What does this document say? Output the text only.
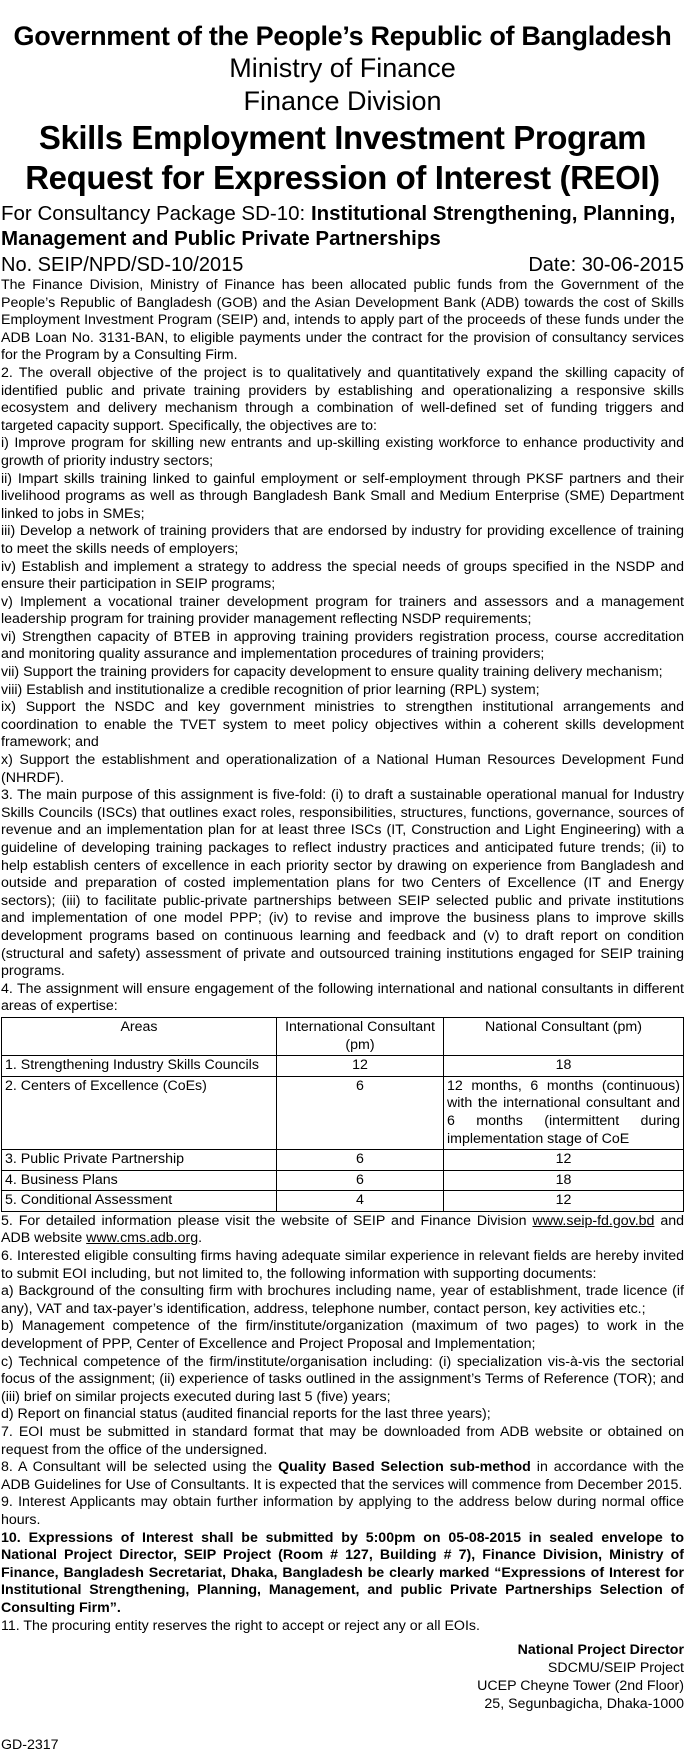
Government of the People’s Republic of Bangladesh
Ministry of Finance
Finance Division
Skills Employment Investment Program
Request for Expression of Interest (REOI)
For Consultancy Package SD-10: Institutional Strengthening, Planning, Management and Public Private Partnerships
No. SEIP/NPD/SD-10/2015	Date: 30-06-2015

The Finance Division, Ministry of Finance has been allocated public funds from the Government of the People’s Republic of Bangladesh (GOB) and the Asian Development Bank (ADB) towards the cost of Skills Employment Investment Program (SEIP) and, intends to apply part of the proceeds of these funds under the ADB Loan No. 3131-BAN, to eligible payments under the contract for the provision of consultancy services for the Program by a Consulting Firm.

2. The overall objective of the project is to qualitatively and quantitatively expand the skilling capacity of identified public and private training providers by establishing and operationalizing a responsive skills ecosystem and delivery mechanism through a combination of well-defined set of funding triggers and targeted capacity support. Specifically, the objectives are to:

i) Improve program for skilling new entrants and up-skilling existing workforce to enhance productivity and growth of priority industry sectors;

ii) Impart skills training linked to gainful employment or self-employment through PKSF partners and their livelihood programs as well as through Bangladesh Bank Small and Medium Enterprise (SME) Department linked to jobs in SMEs;

iii) Develop a network of training providers that are endorsed by industry for providing excellence of training to meet the skills needs of employers;

iv) Establish and implement a strategy to address the special needs of groups specified in the NSDP and ensure their participation in SEIP programs;

v) Implement a vocational trainer development program for trainers and assessors and a management leadership program for training provider management reflecting NSDP requirements;

vi) Strengthen capacity of BTEB in approving training providers registration process, course accreditation and monitoring quality assurance and implementation procedures of training providers;

vii) Support the training providers for capacity development to ensure quality training delivery mechanism;

viii) Establish and institutionalize a credible recognition of prior learning (RPL) system;

ix) Support the NSDC and key government ministries to strengthen institutional arrangements and coordination to enable the TVET system to meet policy objectives within a coherent skills development framework; and

x) Support the establishment and operationalization of a National Human Resources Development Fund (NHRDF).

3. The main purpose of this assignment is five-fold: (i) to draft a sustainable operational manual for Industry Skills Councils (ISCs) that outlines exact roles, responsibilities, structures, functions, governance, sources of revenue and an implementation plan for at least three ISCs (IT, Construction and Light Engineering) with a guideline of developing training packages to reflect industry practices and anticipated future trends; (ii) to help establish centers of excellence in each priority sector by drawing on experience from Bangladesh and outside and preparation of costed implementation plans for two Centers of Excellence (IT and Energy sectors); (iii) to facilitate public-private partnerships between SEIP selected public and private institutions and implementation of one model PPP; (iv) to revise and improve the business plans to improve skills development programs based on continuous learning and feedback and (v) to draft report on condition (structural and safety) assessment of private and outsourced training institutions engaged for SEIP training programs.

4. The assignment will ensure engagement of the following international and national consultants in different areas of expertise:

Areas	International Consultant (pm)	National Consultant (pm)
1. Strengthening Industry Skills Councils	12	18
2. Centers of Excellence (CoEs)	6	12 months, 6 months (continuous) with the international consultant and 6 months (intermittent during implementation stage of CoE
3. Public Private Partnership	6	12
4. Business Plans	6	18
5. Conditional Assessment	4	12

5. For detailed information please visit the website of SEIP and Finance Division www.seip-fd.gov.bd and ADB website www.cms.adb.org.

6. Interested eligible consulting firms having adequate similar experience in relevant fields are hereby invited to submit EOI including, but not limited to, the following information with supporting documents:

a) Background of the consulting firm with brochures including name, year of establishment, trade licence (if any), VAT and tax-payer’s identification, address, telephone number, contact person, key activities etc.;

b) Management competence of the firm/institute/organization (maximum of two pages) to work in the development of PPP, Center of Excellence and Project Proposal and Implementation;

c) Technical competence of the firm/institute/organisation including: (i) specialization vis-à-vis the sectorial focus of the assignment; (ii) experience of tasks outlined in the assignment’s Terms of Reference (TOR); and (iii) brief on similar projects executed during last 5 (five) years;

d) Report on financial status (audited financial reports for the last three years);

7. EOI must be submitted in standard format that may be downloaded from ADB website or obtained on request from the office of the undersigned.

8. A Consultant will be selected using the Quality Based Selection sub-method in accordance with the ADB Guidelines for Use of Consultants. It is expected that the services will commence from December 2015.

9. Interest Applicants may obtain further information by applying to the address below during normal office hours.

10. Expressions of Interest shall be submitted by 5:00pm on 05-08-2015 in sealed envelope to National Project Director, SEIP Project (Room # 127, Building # 7), Finance Division, Ministry of Finance, Bangladesh Secretariat, Dhaka, Bangladesh be clearly marked “Expressions of Interest for Institutional Strengthening, Planning, Management, and public Private Partnerships Selection of Consulting Firm”.

11. The procuring entity reserves the right to accept or reject any or all EOIs.

National Project Director
SDCMU/SEIP Project
UCEP Cheyne Tower (2nd Floor)
25, Segunbagicha, Dhaka-1000
GD-2317
